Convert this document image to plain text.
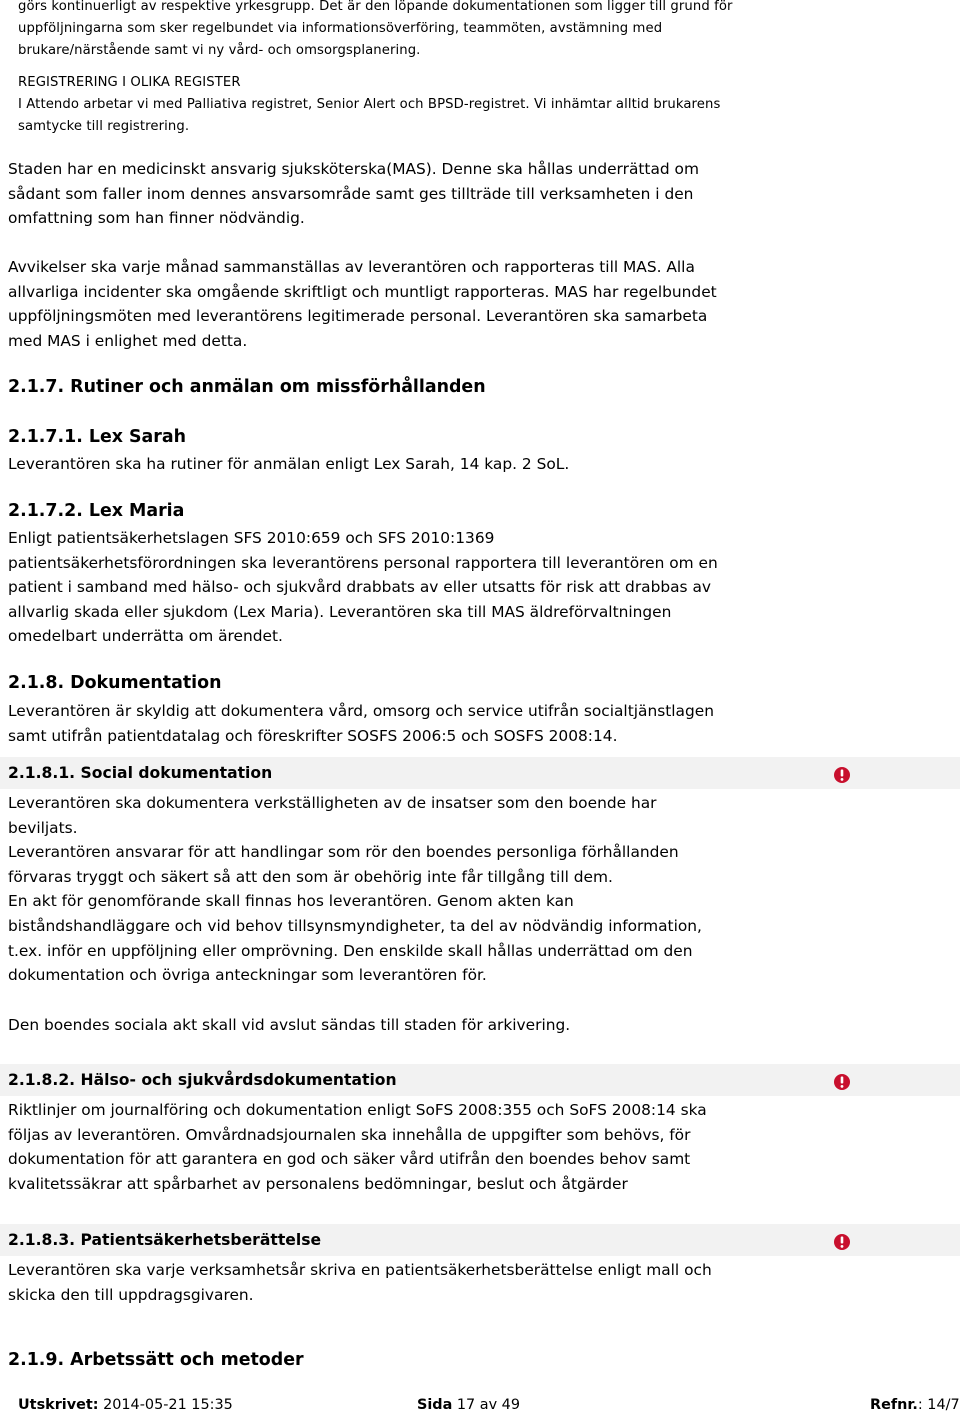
görs kontinuerligt av respektive yrkesgrupp. Det är den löpande dokumentationen som ligger till grund för

uppföljningarna som sker regelbundet via informationsöverföring, teammöten, avstämning med

brukare/närstående samt vi ny vård- och omsorgsplanering.

REGISTRERING I OLIKA REGISTER

I Attendo arbetar vi med Palliativa registret, Senior Alert och BPSD-registret. Vi inhämtar alltid brukarens

samtycke till registrering.

Staden har en medicinskt ansvarig sjuksköterska(MAS). Denne ska hållas underrättad om

sådant som faller inom dennes ansvarsområde samt ges tillträde till verksamheten i den

omfattning som han finner nödvändig.

Avvikelser ska varje månad sammanställas av leverantören och rapporteras till MAS. Alla

allvarliga incidenter ska omgående skriftligt och muntligt rapporteras. MAS har regelbundet

uppföljningsmöten med leverantörens legitimerade personal. Leverantören ska samarbeta

med MAS i enlighet med detta.

2.1.7. Rutiner och anmälan om missförhållanden
2.1.7.1. Lex Sarah

Leverantören ska ha rutiner för anmälan enligt Lex Sarah, 14 kap. 2 SoL.

2.1.7.2. Lex Maria

Enligt patientsäkerhetslagen SFS 2010:659 och SFS 2010:1369

patientsäkerhetsförordningen ska leverantörens personal rapportera till leverantören om en

patient i samband med hälso- och sjukvård drabbats av eller utsatts för risk att drabbas av

allvarlig skada eller sjukdom (Lex Maria). Leverantören ska till MAS äldreförvaltningen

omedelbart underrätta om ärendet.

2.1.8. Dokumentation

Leverantören är skyldig att dokumentera vård, omsorg och service utifrån socialtjänstlagen

samt utifrån patientdatalag och föreskrifter SOSFS 2006:5 och SOSFS 2008:14.

2.1.8.1. Social dokumentation

Leverantören ska dokumentera verkställigheten av de insatser som den boende har

beviljats.

Leverantören ansvarar för att handlingar som rör den boendes personliga förhållanden

förvaras tryggt och säkert så att den som är obehörig inte får tillgång till dem.

En akt för genomförande skall finnas hos leverantören. Genom akten kan

biståndshandläggare och vid behov tillsynsmyndigheter, ta del av nödvändig information,

t.ex. inför en uppföljning eller omprövning. Den enskilde skall hållas underrättad om den

dokumentation och övriga anteckningar som leverantören för.

Den boendes sociala akt skall vid avslut sändas till staden för arkivering.

2.1.8.2. Hälso- och sjukvårdsdokumentation

Riktlinjer om journalföring och dokumentation enligt SoFS 2008:355 och SoFS 2008:14 ska

följas av leverantören. Omvårdnadsjournalen ska innehålla de uppgifter som behövs, för

dokumentation för att garantera en god och säker vård utifrån den boendes behov samt

kvalitetssäkrar att spårbarhet av personalens bedömningar, beslut och åtgärder

2.1.8.3. Patientsäkerhetsberättelse

Leverantören ska varje verksamhetsår skriva en patientsäkerhetsberättelse enligt mall och

skicka den till uppdragsgivaren.

2.1.9. Arbetssätt och metoder
Utskrivet: 2014-05-21 15:35	Sida 17 av 49	Refnr.: 14/7
